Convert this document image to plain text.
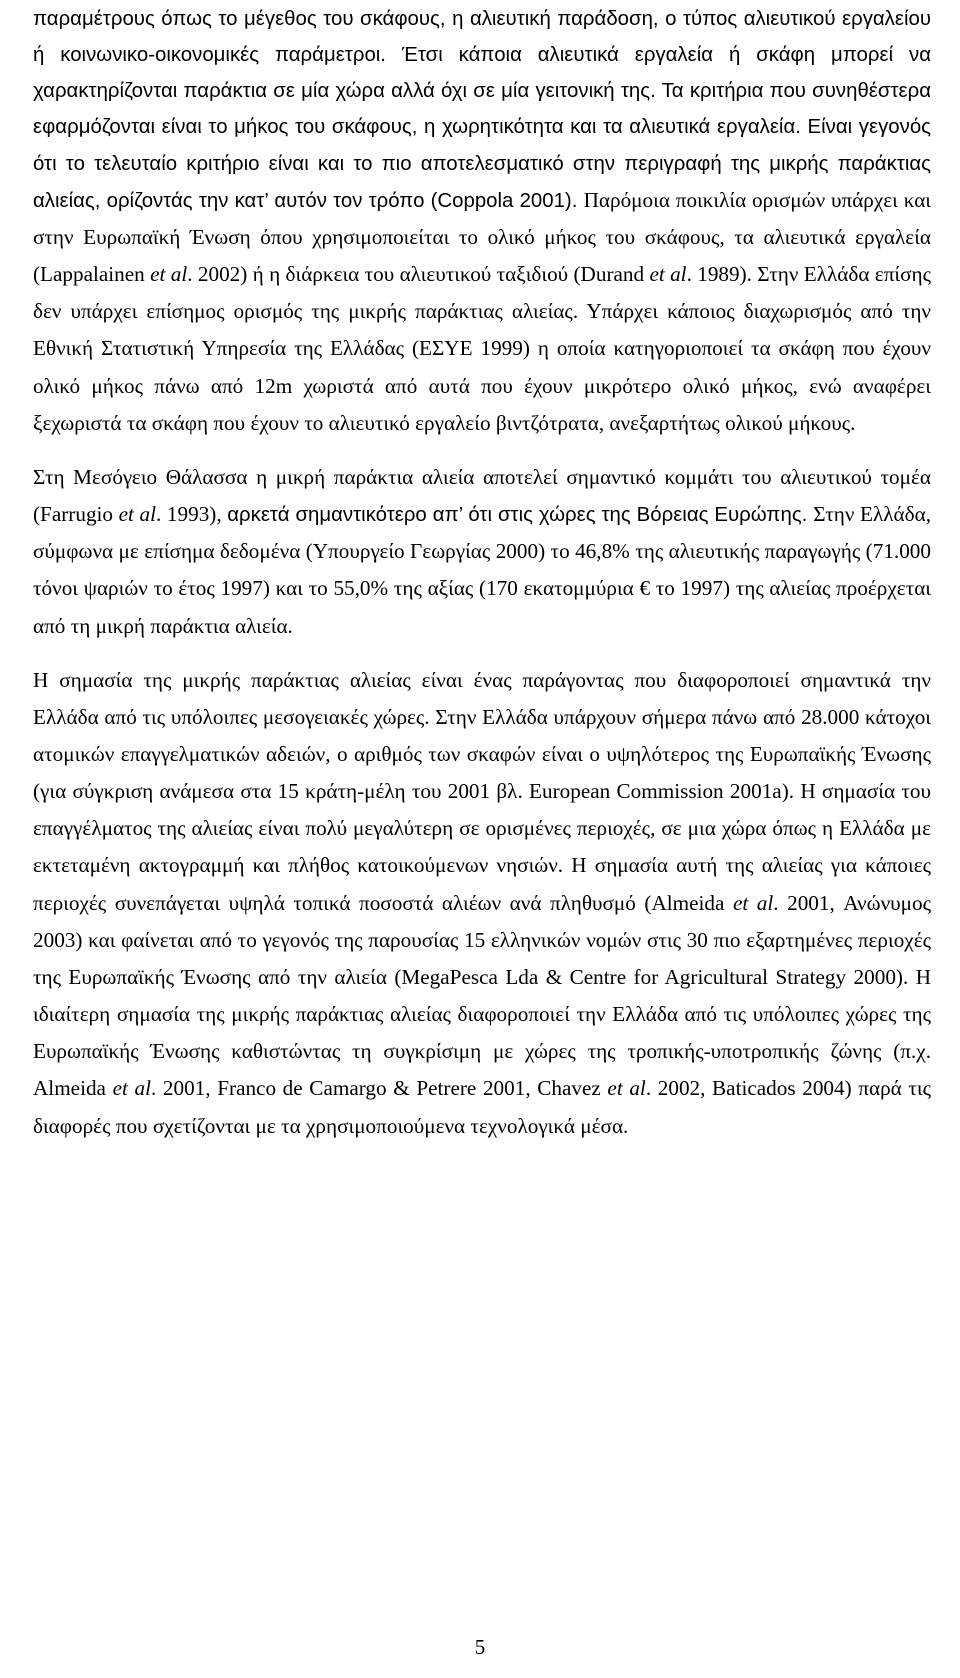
παραμέτρους όπως το μέγεθος του σκάφους, η αλιευτική παράδοση, ο τύπος αλιευτικού εργαλείου ή κοινωνικο-οικονομικές παράμετροι. Έτσι κάποια αλιευτικά εργαλεία ή σκάφη μπορεί να χαρακτηρίζονται παράκτια σε μία χώρα αλλά όχι σε μία γειτονική της. Τα κριτήρια που συνηθέστερα εφαρμόζονται είναι το μήκος του σκάφους, η χωρητικότητα και τα αλιευτικά εργαλεία. Είναι γεγονός ότι το τελευταίο κριτήριο είναι και το πιο αποτελεσματικό στην περιγραφή της μικρής παράκτιας αλιείας, ορίζοντάς την κατ’ αυτόν τον τρόπο (Coppola 2001). Παρόμοια ποικιλία ορισμών υπάρχει και στην Ευρωπαϊκή Ένωση όπου χρησιμοποιείται το ολικό μήκος του σκάφους, τα αλιευτικά εργαλεία (Lappalainen et al. 2002) ή η διάρκεια του αλιευτικού ταξιδιού (Durand et al. 1989). Στην Ελλάδα επίσης δεν υπάρχει επίσημος ορισμός της μικρής παράκτιας αλιείας. Υπάρχει κάποιος διαχωρισμός από την Εθνική Στατιστική Υπηρεσία της Ελλάδας (ΕΣΥΕ 1999) η οποία κατηγοριοποιεί τα σκάφη που έχουν ολικό μήκος πάνω από 12m χωριστά από αυτά που έχουν μικρότερο ολικό μήκος, ενώ αναφέρει ξεχωριστά τα σκάφη που έχουν το αλιευτικό εργαλείο βιντζότρατα, ανεξαρτήτως ολικού μήκους.

Στη Μεσόγειο Θάλασσα η μικρή παράκτια αλιεία αποτελεί σημαντικό κομμάτι του αλιευτικού τομέα (Farrugio et al. 1993), αρκετά σημαντικότερο απ’ ότι στις χώρες της Βόρειας Ευρώπης. Στην Ελλάδα, σύμφωνα με επίσημα δεδομένα (Υπουργείο Γεωργίας 2000) το 46,8% της αλιευτικής παραγωγής (71.000 τόνοι ψαριών το έτος 1997) και το 55,0% της αξίας (170 εκατομμύρια € το 1997) της αλιείας προέρχεται από τη μικρή παράκτια αλιεία.

Η σημασία της μικρής παράκτιας αλιείας είναι ένας παράγοντας που διαφοροποιεί σημαντικά την Ελλάδα από τις υπόλοιπες μεσογειακές χώρες. Στην Ελλάδα υπάρχουν σήμερα πάνω από 28.000 κάτοχοι ατομικών επαγγελματικών αδειών, ο αριθμός των σκαφών είναι ο υψηλότερος της Ευρωπαϊκής Ένωσης (για σύγκριση ανάμεσα στα 15 κράτη-μέλη του 2001 βλ. European Commission 2001a). Η σημασία του επαγγέλματος της αλιείας είναι πολύ μεγαλύτερη σε ορισμένες περιοχές, σε μια χώρα όπως η Ελλάδα με εκτεταμένη ακτογραμμή και πλήθος κατοικούμενων νησιών. Η σημασία αυτή της αλιείας για κάποιες περιοχές συνεπάγεται υψηλά τοπικά ποσοστά αλιέων ανά πληθυσμό (Almeida et al. 2001, Ανώνυμος 2003) και φαίνεται από το γεγονός της παρουσίας 15 ελληνικών νομών στις 30 πιο εξαρτημένες περιοχές της Ευρωπαϊκής Ένωσης από την αλιεία (MegaPesca Lda & Centre for Agricultural Strategy 2000). Η ιδιαίτερη σημασία της μικρής παράκτιας αλιείας διαφοροποιεί την Ελλάδα από τις υπόλοιπες χώρες της Ευρωπαϊκής Ένωσης καθιστώντας τη συγκρίσιμη με χώρες της τροπικής-υποτροπικής ζώνης (π.χ. Almeida et al. 2001, Franco de Camargo & Petrere 2001, Chavez et al. 2002, Baticados 2004) παρά τις διαφορές που σχετίζονται με τα χρησιμοποιούμενα τεχνολογικά μέσα.

5
